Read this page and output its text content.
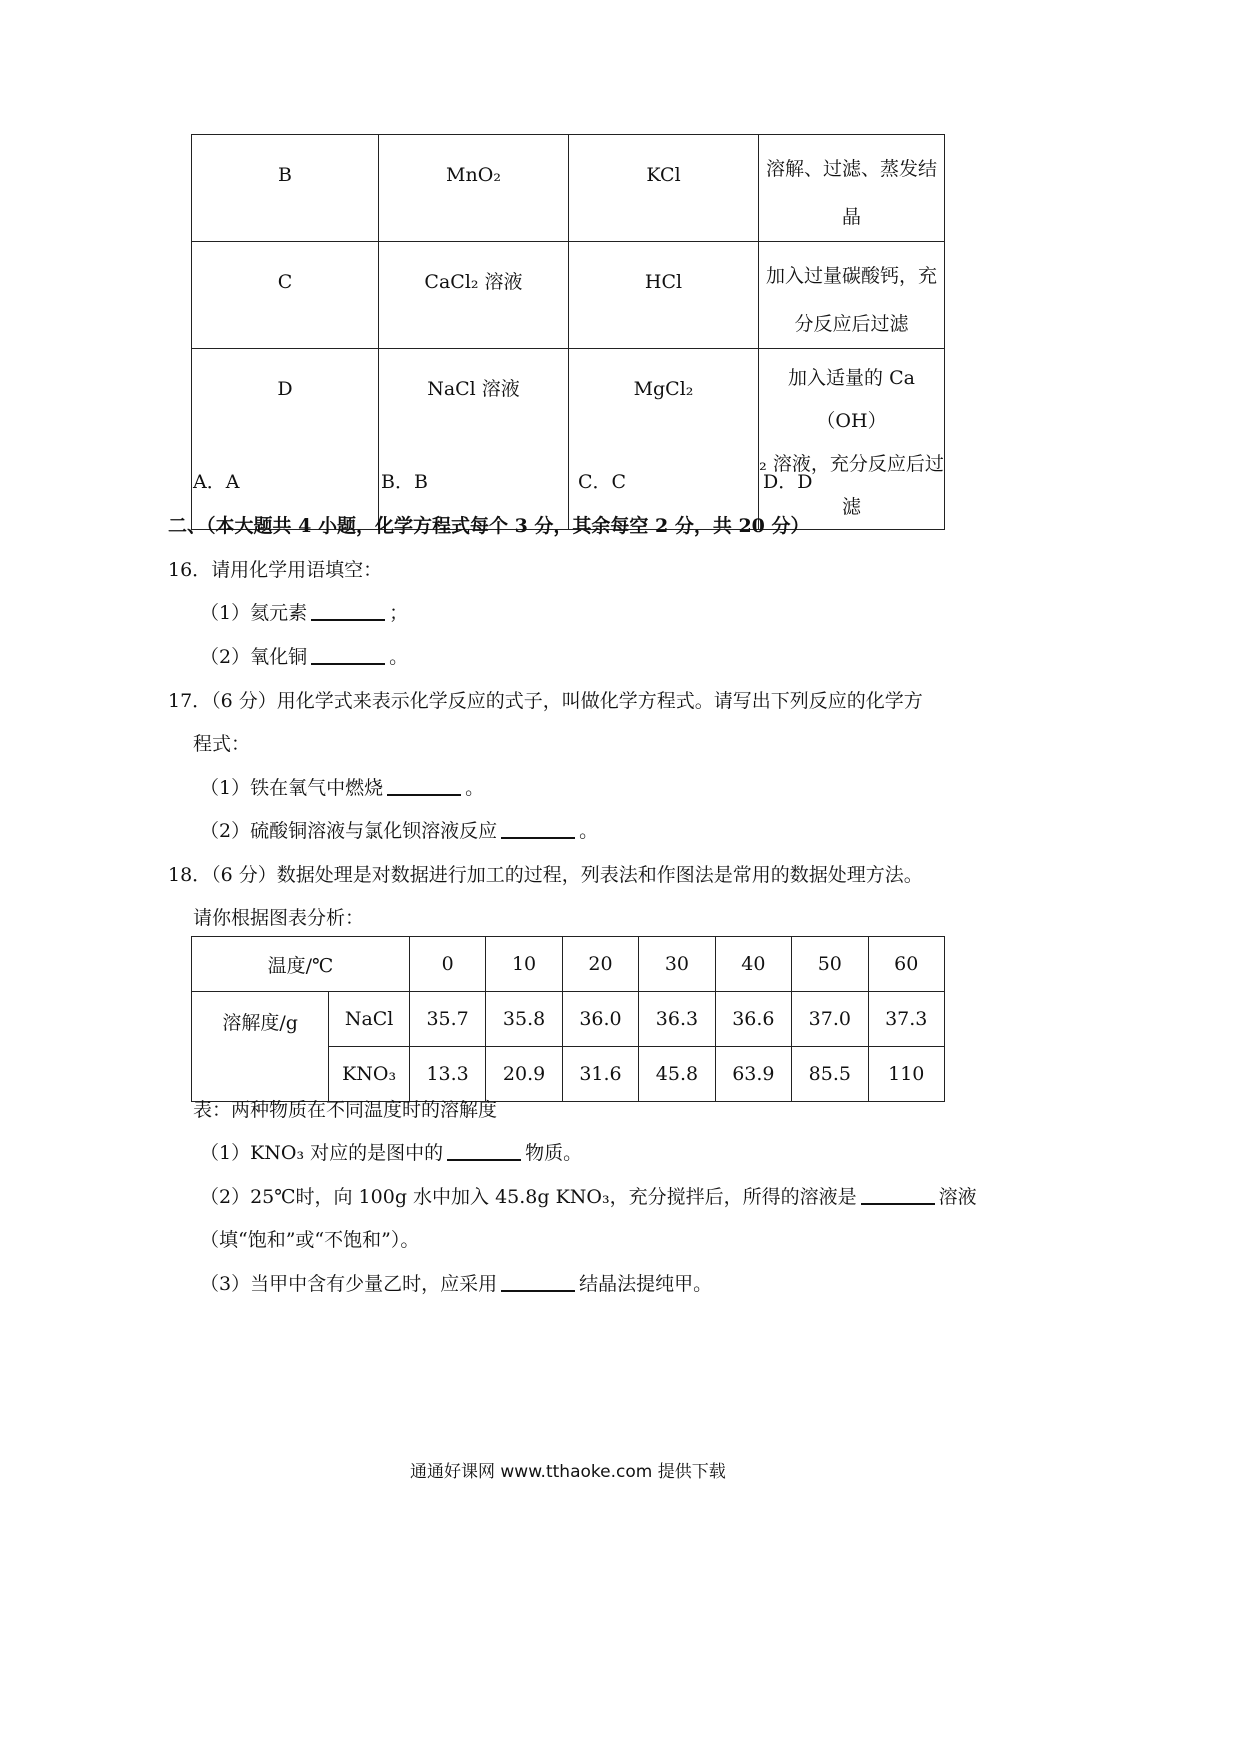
B	MnO₂	KCl	溶解、过滤、蒸发结
晶

C	CaCl₂ 溶液	HCl	加入过量碳酸钙，充
分反应后过滤

D	NaCl 溶液	MgCl₂	加入适量的 Ca（OH）
₂ 溶液，充分反应后过
滤
A．A	B．B	C．C	D．D
二、（本大题共 4 小题，化学方程式每个 3 分，其余每空 2 分，共 20 分）
16．请用化学用语填空：
（1）氦元素	；
（2）氧化铜	。
17．（6 分）用化学式来表示化学反应的式子，叫做化学方程式。请写出下列反应的化学方
程式：
（1）铁在氧气中燃烧	。
（2）硫酸铜溶液与氯化钡溶液反应	。
18．（6 分）数据处理是对数据进行加工的过程，列表法和作图法是常用的数据处理方法。
请你根据图表分析：
温度/℃		0	10	20	30	40	50	60
溶解度/g	NaCl	35.7	35.8	36.0	36.3	36.6	37.0	37.3
	KNO₃	13.3	20.9	31.6	45.8	63.9	85.5	110
表：两种物质在不同温度时的溶解度
（1）KNO₃ 对应的是图中的	物质。
（2）25℃时，向 100g 水中加入 45.8g KNO₃，充分搅拌后，所得的溶液是	溶液
（填“饱和”或“不饱和”）。
（3）当甲中含有少量乙时，应采用	结晶法提纯甲。
通通好课网 www.tthaoke.com 提供下载
